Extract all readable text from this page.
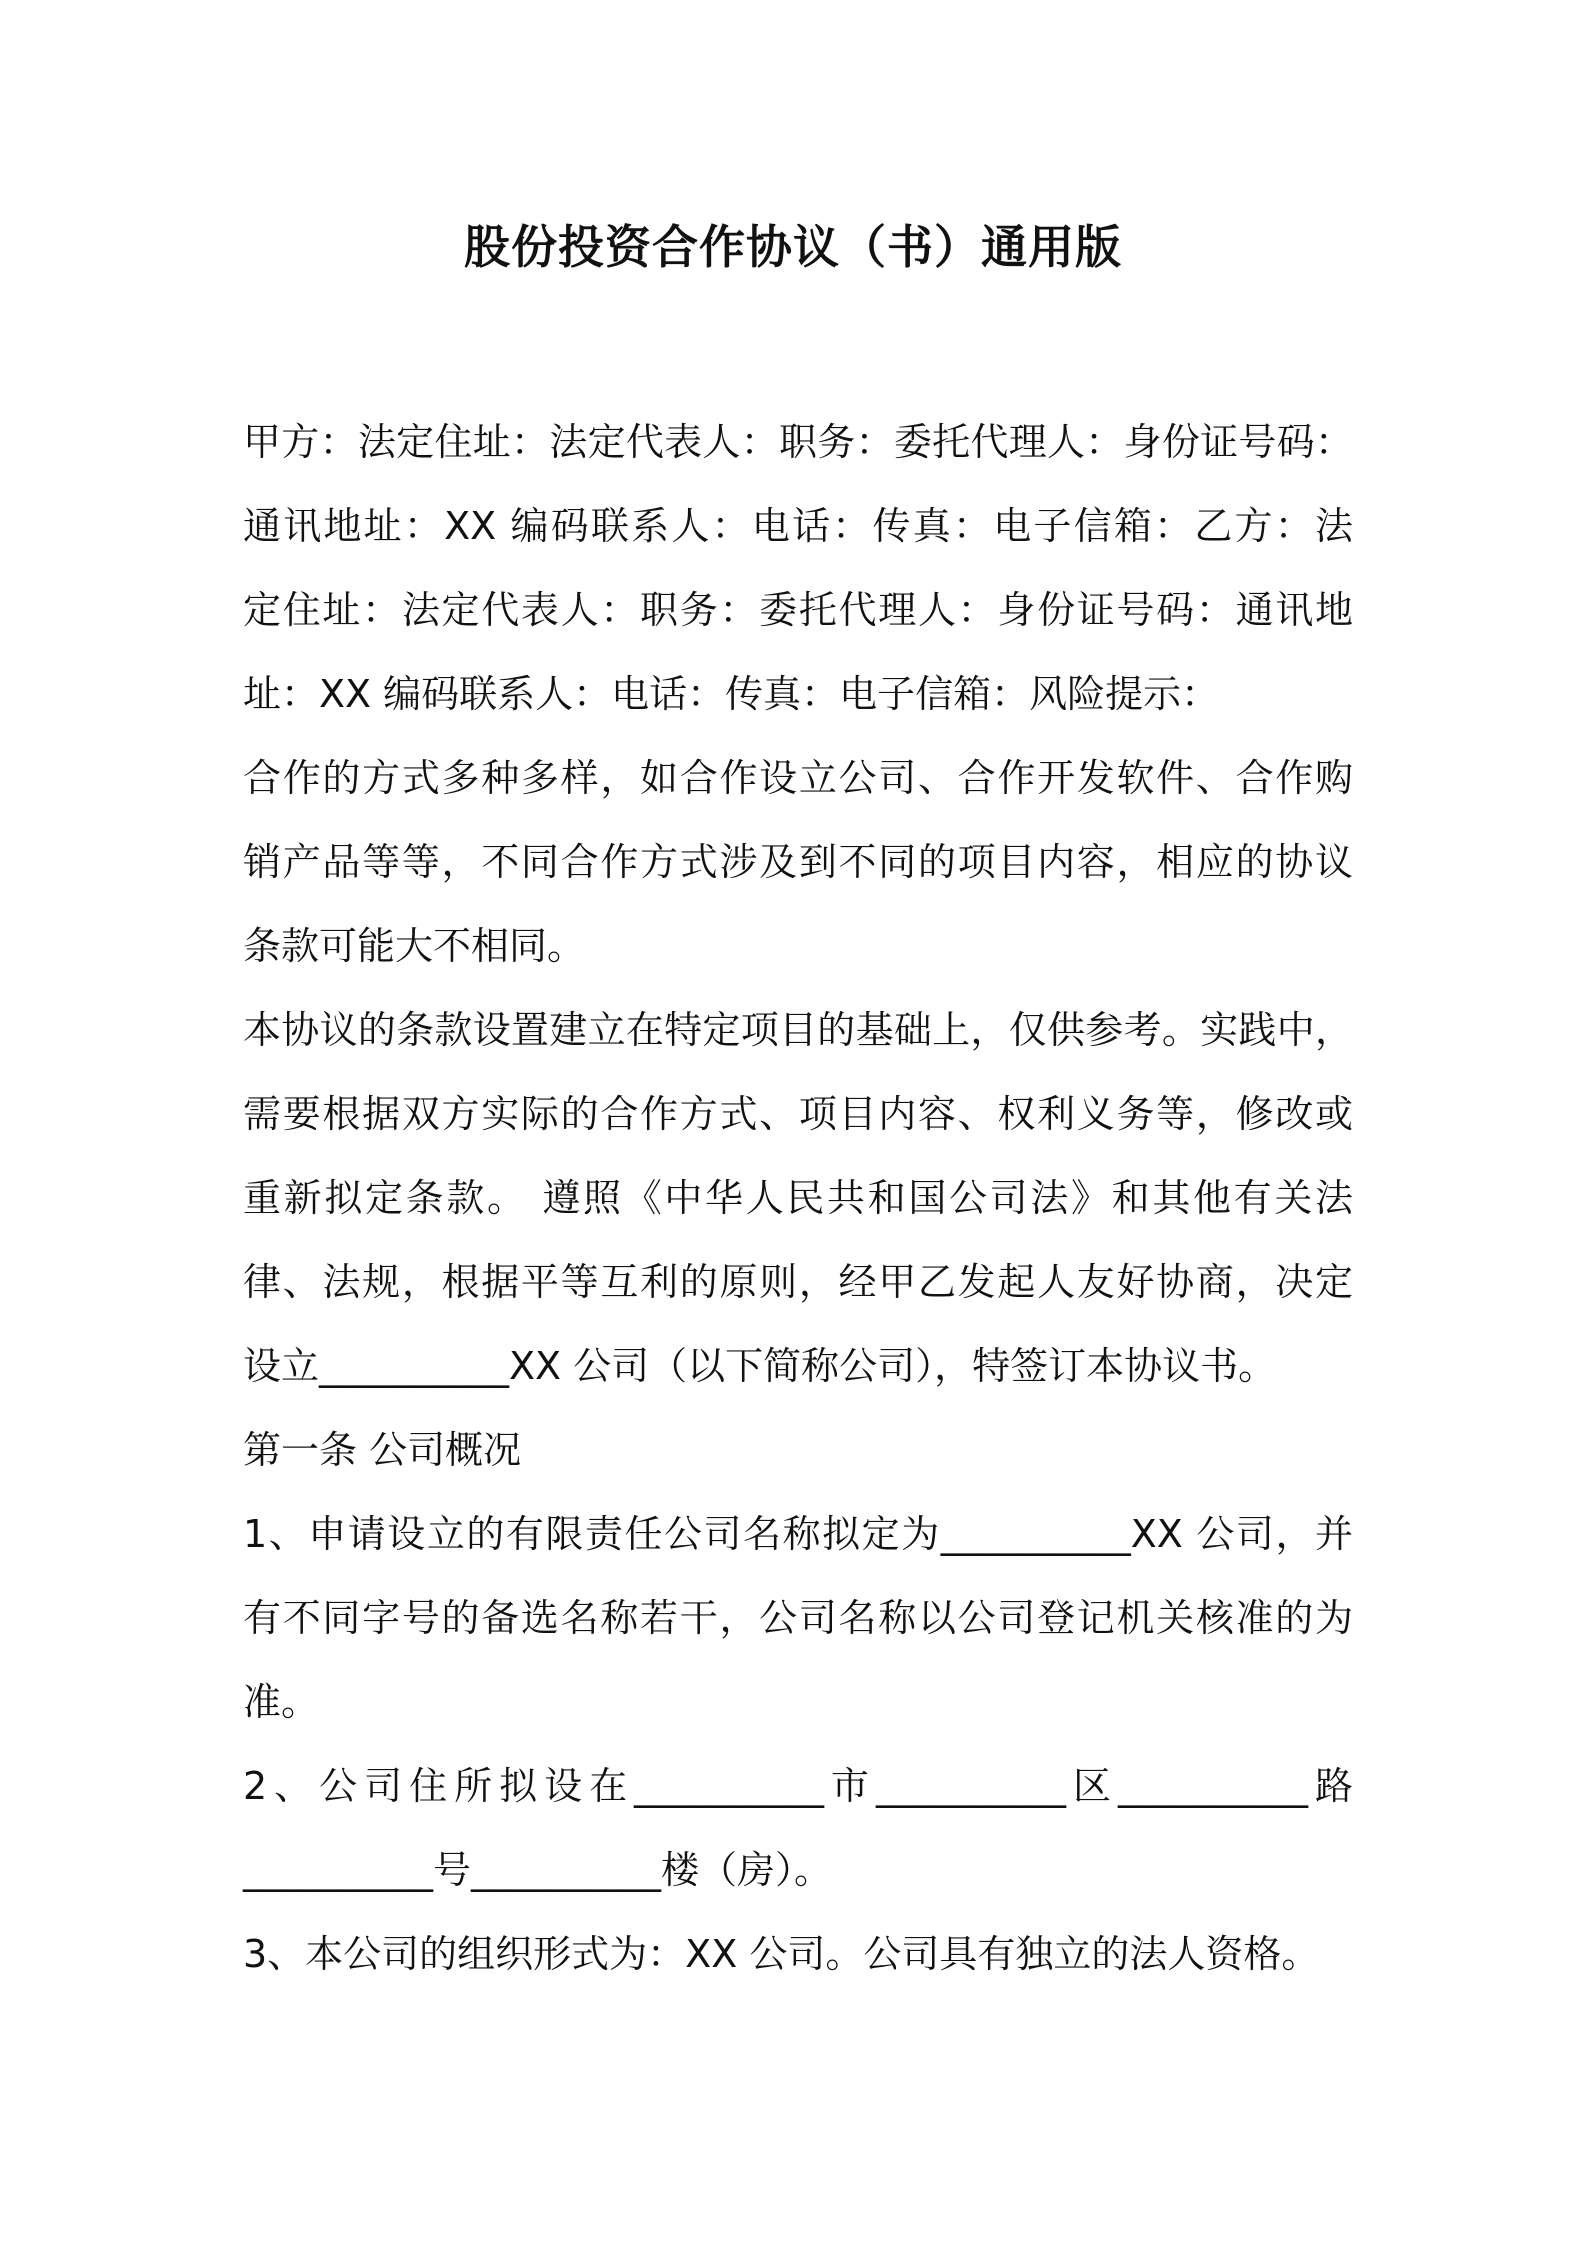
股份投资合作协议（书）通用版
甲方：法定住址：法定代表人：职务：委托代理人：身份证号码：
通讯地址：XX 编码联系人：电话：传真：电子信箱：乙方：法
定住址：法定代表人：职务：委托代理人：身份证号码：通讯地
址：XX 编码联系人：电话：传真：电子信箱：风险提示：
合作的方式多种多样，如合作设立公司、合作开发软件、合作购
销产品等等，不同合作方式涉及到不同的项目内容，相应的协议
条款可能大不相同。
本协议的条款设置建立在特定项目的基础上，仅供参考。实践中，
需要根据双方实际的合作方式、项目内容、权利义务等，修改或
重新拟定条款。 遵照《中华人民共和国公司法》和其他有关法
律、法规，根据平等互利的原则，经甲乙发起人友好协商，决定
设立__________XX 公司（以下简称公司），特签订本协议书。
第一条 公司概况
1、申请设立的有限责任公司名称拟定为__________XX 公司，并
有不同字号的备选名称若干，公司名称以公司登记机关核准的为
准。
2、公司住所拟设在__________市__________区__________路
__________号__________楼（房）。
3、本公司的组织形式为：XX 公司。公司具有独立的法人资格。
